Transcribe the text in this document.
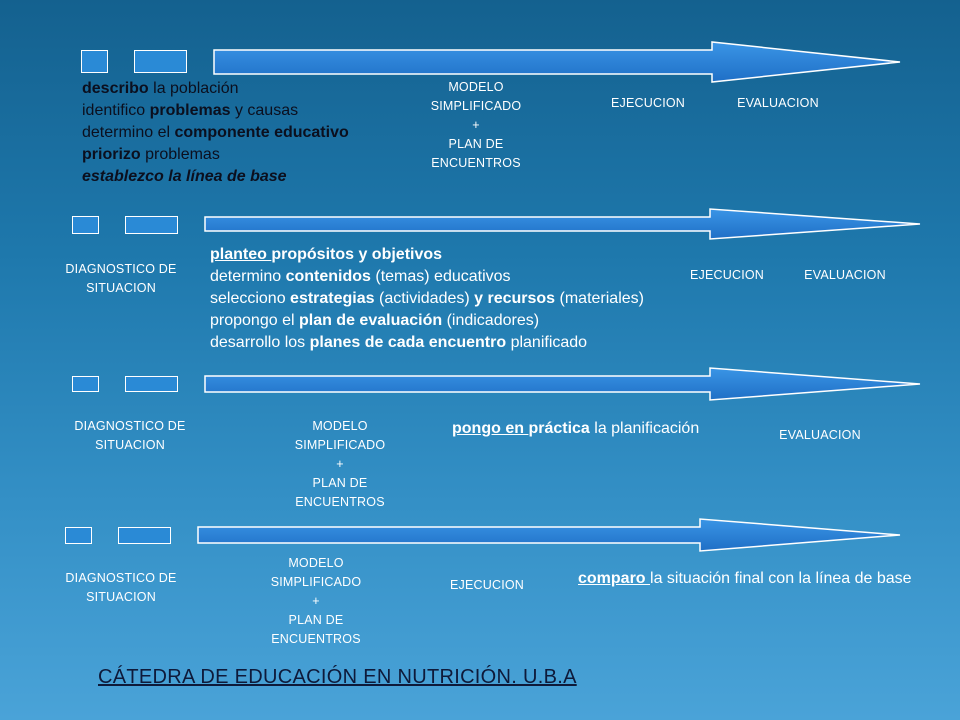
describo la población
identifico problemas y causas
determino el componente educativo
priorizo problemas
establezco la línea de base
MODELO
SIMPLIFICADO
+
PLAN DE
ENCUENTROS
EJECUCION	EVALUACION
DIAGNOSTICO DE
SITUACION
planteo propósitos y objetivos
determino contenidos (temas) educativos
selecciono estrategias (actividades) y recursos (materiales)
propongo el plan de evaluación (indicadores)
desarrollo los planes de cada encuentro planificado
EJECUCION	EVALUACION
DIAGNOSTICO DE
SITUACION
MODELO
SIMPLIFICADO
+
PLAN DE
ENCUENTROS
pongo en práctica la planificación	EVALUACION
DIAGNOSTICO DE
SITUACION
MODELO
SIMPLIFICADO
+
PLAN DE
ENCUENTROS
EJECUCION	comparo la situación final con la línea de base
CÁTEDRA DE EDUCACIÓN EN NUTRICIÓN. U.B.A
